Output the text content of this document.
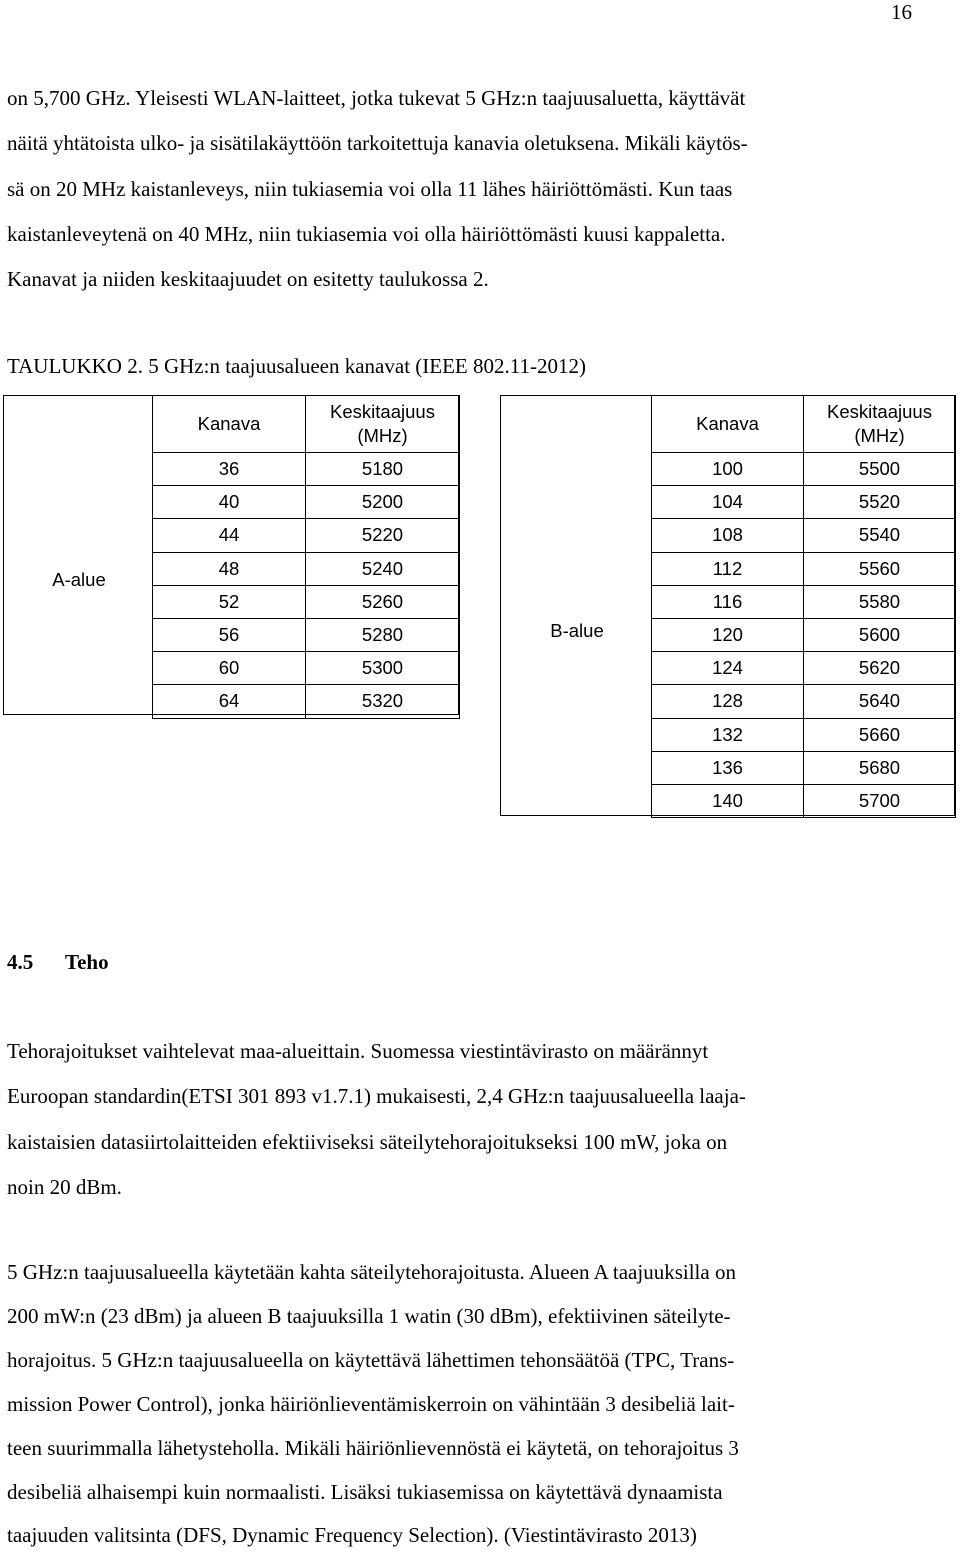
16
on 5,700 GHz. Yleisesti WLAN-laitteet, jotka tukevat 5 GHz:n taajuusaluetta, käyttävät
näitä yhtätoista ulko- ja sisätilakäyttöön tarkoitettuja kanavia oletuksena. Mikäli käytös-
sä on 20 MHz kaistanleveys, niin tukiasemia voi olla 11 lähes häiriöttömästi. Kun taas
kaistanleveytenä on 40 MHz, niin tukiasemia voi olla häiriöttömästi kuusi kappaletta.
Kanavat ja niiden keskitaajuudet on esitetty taulukossa 2.

TAULUKKO 2. 5 GHz:n taajuusalueen kanavat (IEEE 802.11-2012)

A-alue
Kanava	Keskitaajuus
(MHz)

36	5180
40	5200
44	5220
48	5240
52	5260
56	5280
60	5300
64	5320
B-alue
Kanava	Keskitaajuus
(MHz)

100	5500
104	5520
108	5540
112	5560
116	5580
120	5600
124	5620
128	5640
132	5660
136	5680
140	5700
4.5 Teho
Tehorajoitukset vaihtelevat maa-alueittain. Suomessa viestintävirasto on määrännyt
Euroopan standardin(ETSI 301 893 v1.7.1) mukaisesti, 2,4 GHz:n taajuusalueella laaja-
kaistaisien datasiirtolaitteiden efektiiviseksi säteilytehorajoitukseksi 100 mW, joka on
noin 20 dBm.
5 GHz:n taajuusalueella käytetään kahta säteilytehorajoitusta. Alueen A taajuuksilla on
200 mW:n (23 dBm) ja alueen B taajuuksilla 1 watin (30 dBm), efektiivinen säteilyte-
horajoitus. 5 GHz:n taajuusalueella on käytettävä lähettimen tehonsäätöä (TPC, Trans-
mission Power Control), jonka häiriönlieventämiskerroin on vähintään 3 desibeliä lait-
teen suurimmalla lähetysteholla. Mikäli häiriönlievennöstä ei käytetä, on tehorajoitus 3
desibeliä alhaisempi kuin normaalisti. Lisäksi tukiasemissa on käytettävä dynaamista
taajuuden valitsinta (DFS, Dynamic Frequency Selection). (Viestintävirasto 2013)
